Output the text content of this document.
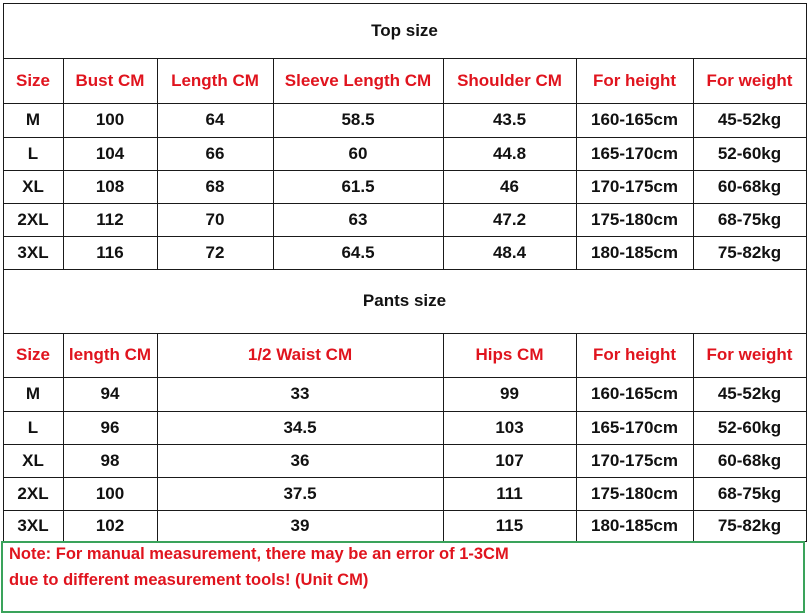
Top size
Size	Bust CM	Length CM	Sleeve Length CM	Shoulder CM	For height	For weight
M	100	64	58.5	43.5	160-165cm	45-52kg
L	104	66	60	44.8	165-170cm	52-60kg
XL	108	68	61.5	46	170-175cm	60-68kg
2XL	112	70	63	47.2	175-180cm	68-75kg
3XL	116	72	64.5	48.4	180-185cm	75-82kg
Pants size
Size	length CM	1/2 Waist CM	Hips CM	For height	For weight
M	94	33	99	160-165cm	45-52kg
L	96	34.5	103	165-170cm	52-60kg
XL	98	36	107	170-175cm	60-68kg
2XL	100	37.5	111	175-180cm	68-75kg
3XL	102	39	115	180-185cm	75-82kg
Note: For manual measurement, there may be an error of 1-3CM
due to different measurement tools! (Unit CM)
